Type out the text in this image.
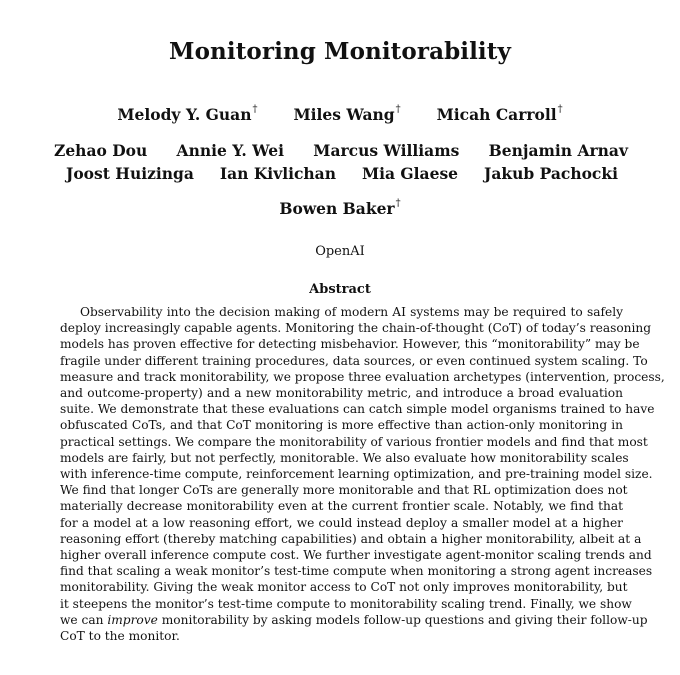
Monitoring Monitorability
Melody Y. Guan† Miles Wang† Micah Carroll†
Zehao Dou Annie Y. Wei Marcus Williams Benjamin Arnav
Joost Huizinga Ian Kivlichan Mia Glaese Jakub Pachocki
Bowen Baker†
OpenAI
Abstract
Observability into the decision making of modern AI systems may be required to safely
deploy increasingly capable agents. Monitoring the chain-of-thought (CoT) of today’s reasoning
models has proven effective for detecting misbehavior. However, this “monitorability” may be
fragile under different training procedures, data sources, or even continued system scaling. To
measure and track monitorability, we propose three evaluation archetypes (intervention, process,
and outcome-property) and a new monitorability metric, and introduce a broad evaluation
suite. We demonstrate that these evaluations can catch simple model organisms trained to have
obfuscated CoTs, and that CoT monitoring is more effective than action-only monitoring in
practical settings. We compare the monitorability of various frontier models and find that most
models are fairly, but not perfectly, monitorable. We also evaluate how monitorability scales
with inference-time compute, reinforcement learning optimization, and pre-training model size.
We find that longer CoTs are generally more monitorable and that RL optimization does not
materially decrease monitorability even at the current frontier scale. Notably, we find that
for a model at a low reasoning effort, we could instead deploy a smaller model at a higher
reasoning effort (thereby matching capabilities) and obtain a higher monitorability, albeit at a
higher overall inference compute cost. We further investigate agent-monitor scaling trends and
find that scaling a weak monitor’s test-time compute when monitoring a strong agent increases
monitorability. Giving the weak monitor access to CoT not only improves monitorability, but
it steepens the monitor’s test-time compute to monitorability scaling trend. Finally, we show
we can improve monitorability by asking models follow-up questions and giving their follow-up
CoT to the monitor.
